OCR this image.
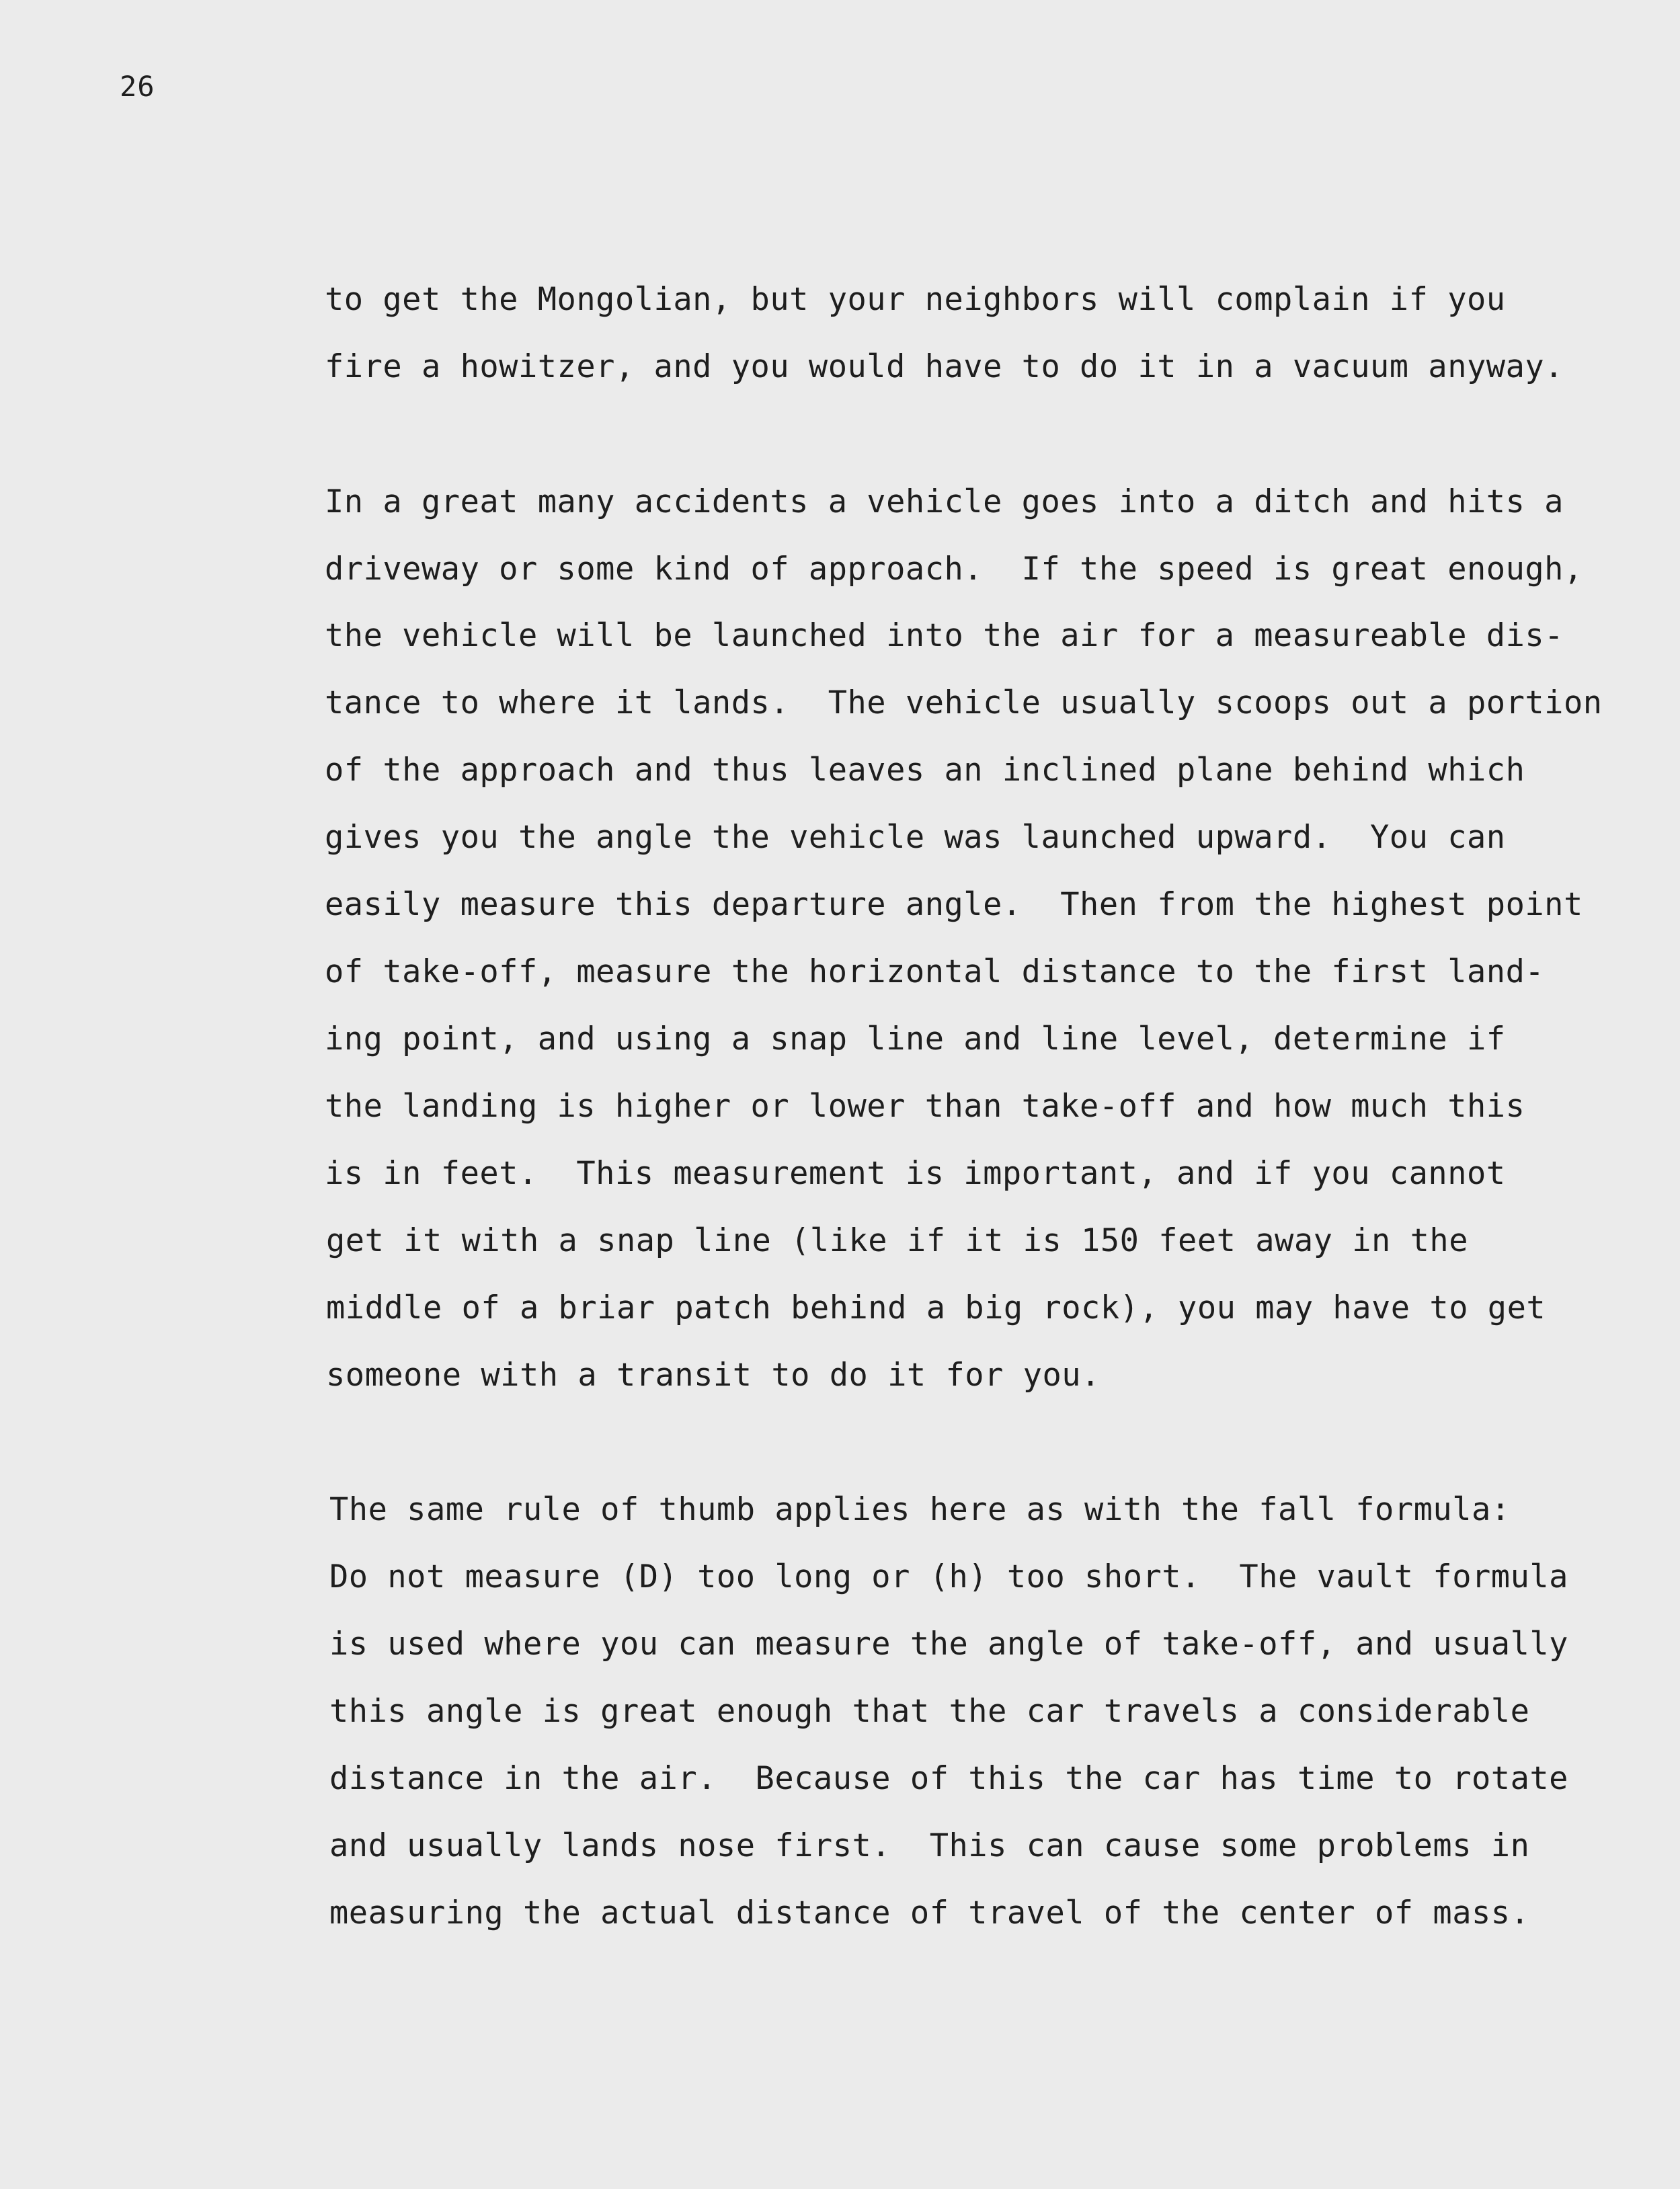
26
to get the Mongolian, but your neighbors will complain if you
fire a howitzer, and you would have to do it in a vacuum anyway.
In a great many accidents a vehicle goes into a ditch and hits a
driveway or some kind of approach.  If the speed is great enough,
the vehicle will be launched into the air for a measureable dis-
tance to where it lands.  The vehicle usually scoops out a portion
of the approach and thus leaves an inclined plane behind which
gives you the angle the vehicle was launched upward.  You can
easily measure this departure angle.  Then from the highest point
of take-off, measure the horizontal distance to the first land-
ing point, and using a snap line and line level, determine if
the landing is higher or lower than take-off and how much this
is in feet.  This measurement is important, and if you cannot
get it with a snap line (like if it is 150 feet away in the
middle of a briar patch behind a big rock), you may have to get
someone with a transit to do it for you.
The same rule of thumb applies here as with the fall formula:
Do not measure (D) too long or (h) too short.  The vault formula
is used where you can measure the angle of take-off, and usually
this angle is great enough that the car travels a considerable
distance in the air.  Because of this the car has time to rotate
and usually lands nose first.  This can cause some problems in
measuring the actual distance of travel of the center of mass.
